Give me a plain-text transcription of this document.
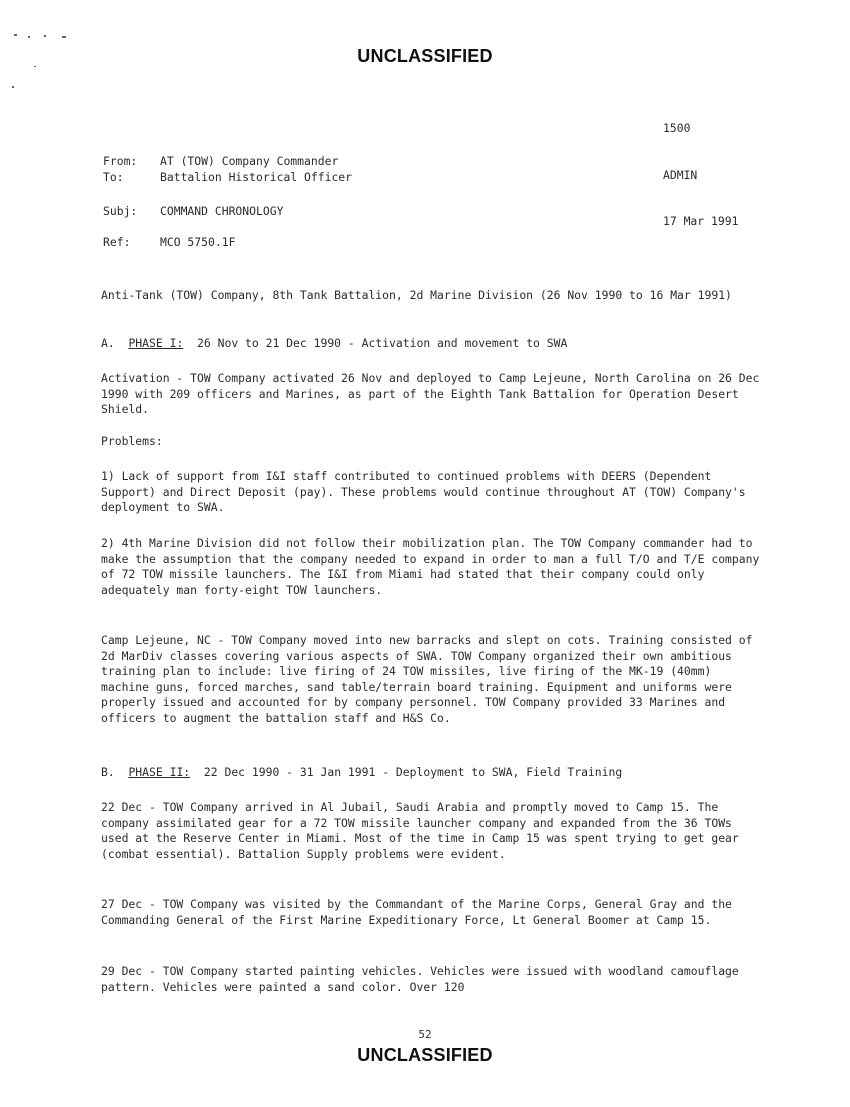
UNCLASSIFIED

1500

ADMIN

17 Mar 1991

From: AT (TOW) Company Commander
To:	Battalion Historical Officer
Subj: COMMAND CHRONOLOGY
Ref:	MCO 5750.1F
Anti-Tank (TOW) Company, 8th Tank Battalion, 2d Marine Division (26 Nov 1990 to 16 Mar 1991)
A. PHASE I: 26 Nov to 21 Dec 1990 - Activation and movement to SWA
Activation - TOW Company activated 26 Nov and deployed to Camp Lejeune, North Carolina on 26 Dec 1990 with 209 officers and Marines, as part of the Eighth Tank Battalion for Operation Desert Shield.
Problems:
1) Lack of support from I&I staff contributed to continued problems with DEERS (Dependent Support) and Direct Deposit (pay). These problems would continue throughout AT (TOW) Company's deployment to SWA.
2) 4th Marine Division did not follow their mobilization plan. The TOW Company commander had to make the assumption that the company needed to expand in order to man a full T/O and T/E company of 72 TOW missile launchers. The I&I from Miami had stated that their company could only adequately man forty-eight TOW launchers.
Camp Lejeune, NC - TOW Company moved into new barracks and slept on cots. Training consisted of 2d MarDiv classes covering various aspects of SWA. TOW Company organized their own ambitious training plan to include: live firing of 24 TOW missiles, live firing of the MK-19 (40mm) machine guns, forced marches, sand table/terrain board training. Equipment and uniforms were properly issued and accounted for by company personnel. TOW Company provided 33 Marines and officers to augment the battalion staff and H&S Co.
B. PHASE II: 22 Dec 1990 - 31 Jan 1991 - Deployment to SWA, Field Training
22 Dec - TOW Company arrived in Al Jubail, Saudi Arabia and promptly moved to Camp 15. The company assimilated gear for a 72 TOW missile launcher company and expanded from the 36 TOWs used at the Reserve Center in Miami. Most of the time in Camp 15 was spent trying to get gear (combat essential). Battalion Supply problems were evident.
27 Dec - TOW Company was visited by the Commandant of the Marine Corps, General Gray and the Commanding General of the First Marine Expeditionary Force, Lt General Boomer at Camp 15.
29 Dec - TOW Company started painting vehicles. Vehicles were issued with woodland camouflage pattern. Vehicles were painted a sand color. Over 120
52
UNCLASSIFIED
